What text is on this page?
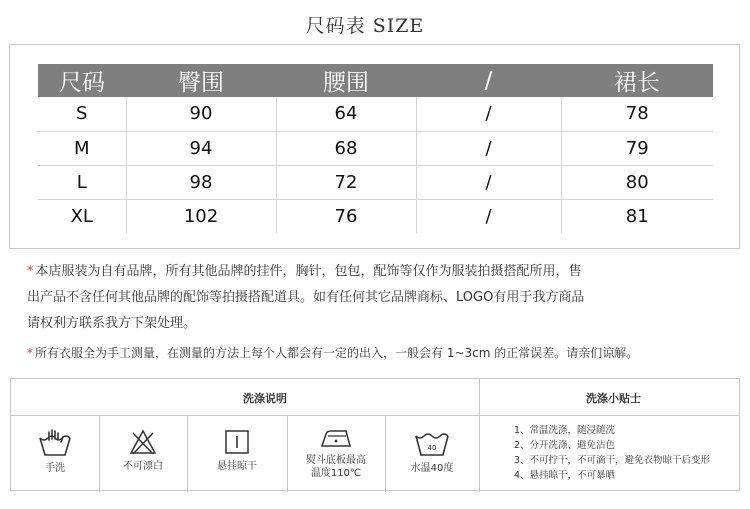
尺码表 SIZE
尺码	臀围	腰围	/	裙长
S	90	64	/	78
M	94	68	/	79
L	98	72	/	80
XL	102	76	/	81
* 本店服装为自有品牌，所有其他品牌的挂件，胸针，包包，配饰等仅作为服装拍摄搭配所用，售
出产品不含任何其他品牌的配饰等拍摄搭配道具。如有任何其它品牌商标、LOGO有用于我方商品
请权利方联系我方下架处理。
* 所有衣服全为手工测量，在测量的方法上每个人都会有一定的出入，一般会有 1~3cm 的正常误差。请亲们谅解。
洗涤说明	洗涤小贴士
手洗	不可漂白	悬挂晾干
熨斗底板最高
温度110℃
40
水温40度
1、常温洗涤，随浸随洗
2、分开洗涤、避免沾色
3、不可拧干，不可滴干，避免衣物晾干后变形
4、悬挂晾干，不可暴晒
